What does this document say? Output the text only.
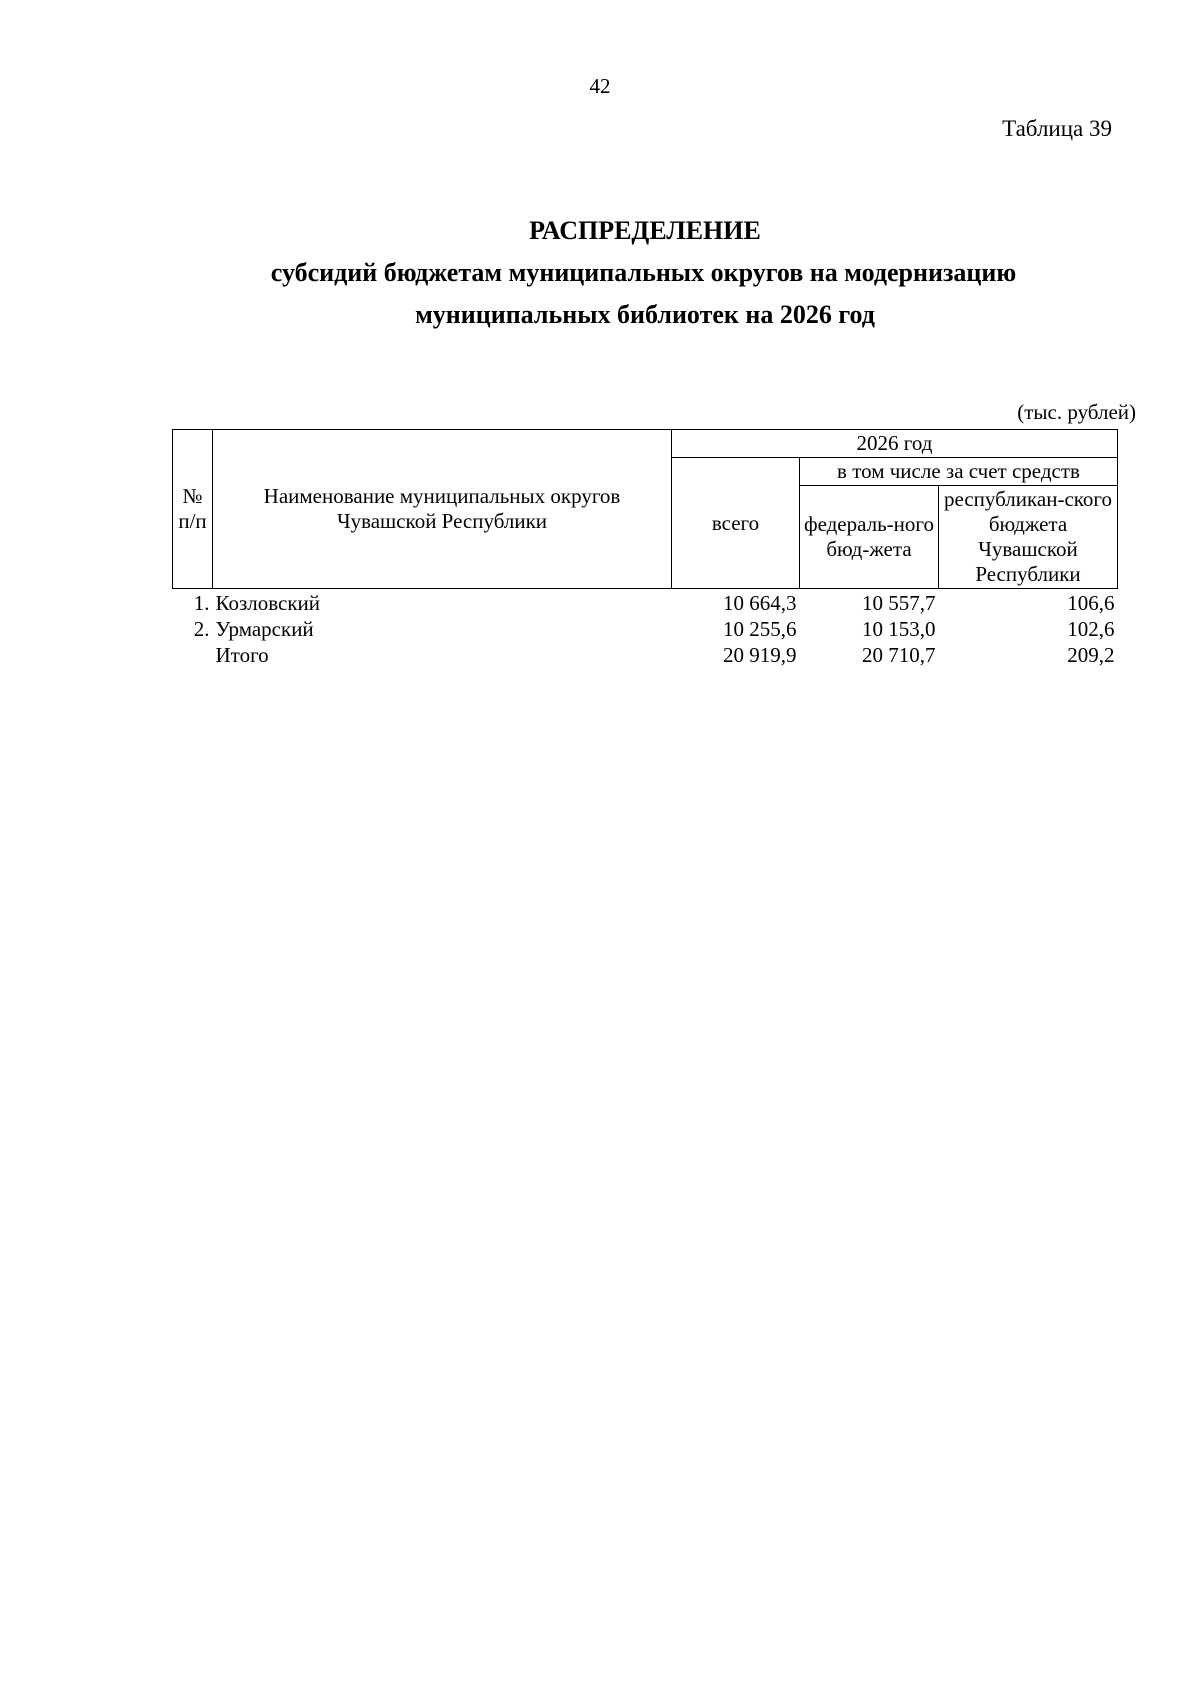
42
Таблица 39
РАСПРЕДЕЛЕНИЕ
субсидий бюджетам муниципальных округов на модернизацию
муниципальных библиотек на 2026 год
(тыс. рублей)
№ п/п	Наименование муниципальных округов Чувашской Республики	2026 год		
		всего	в том числе за счет средств	
			федераль-ного бюд-жета	республикан-ского бюджета Чувашской Республики
1.	Козловский	10 664,3	10 557,7	106,6
2.	Урмарский	10 255,6	10 153,0	102,6
	Итого	20 919,9	20 710,7	209,2
